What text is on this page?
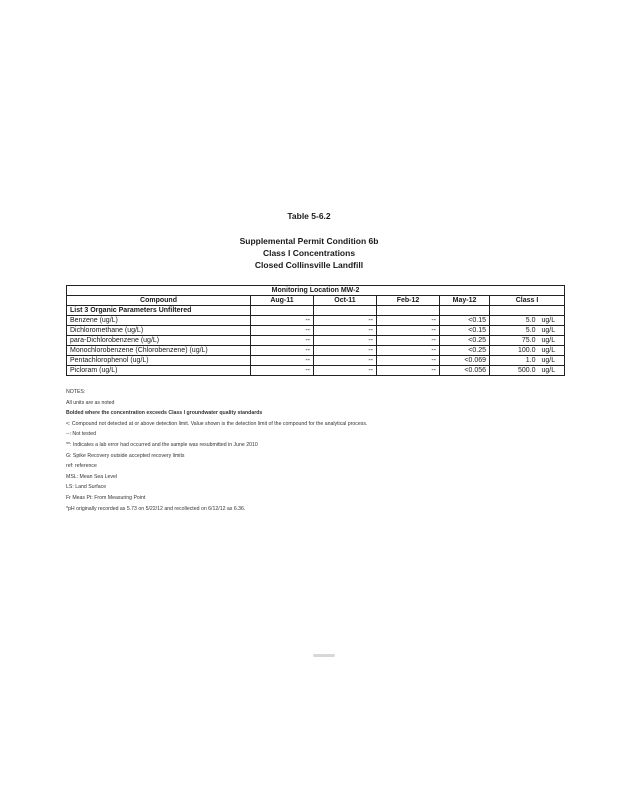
Table 5-6.2
Supplemental Permit Condition 6b
Class I Concentrations
Closed Collinsville Landfill
Monitoring Location MW-2						
Compound	Aug-11	Oct-11	Feb-12	May-12	Class I	
List 3 Organic Parameters Unfiltered						
Benzene (ug/L)	--	--	--	<0.15	5.0	ug/L
Dichloromethane (ug/L)	--	--	--	<0.15	5.0	ug/L
para-Dichlorobenzene (ug/L)	--	--	--	<0.25	75.0	ug/L
Monochlorobenzene (Chlorobenzene) (ug/L)	--	--	--	<0.25	100.0	ug/L
Pentachlorophenol (ug/L)	--	--	--	<0.069	1.0	ug/L
Picloram (ug/L)	--	--	--	<0.056	500.0	ug/L
NOTES:
All units are as noted
Bolded where the concentration exceeds Class I groundwater quality standards
<: Compound not detected at or above detection limit. Value shown is the detection limit of the compound for the analytical process.
--: Not tested
**: Indicates a lab error had occurred and the sample was resubmitted in June 2010
G: Spike Recovery outside accepted recovery limits
ref: reference
MSL: Mean Sea Level
LS: Land Surface
Fr Meas Pt: From Measuring Point
*pH originally recorded as 5.73 on 5/22/12 and recollected on 6/12/12 as 6.36.
